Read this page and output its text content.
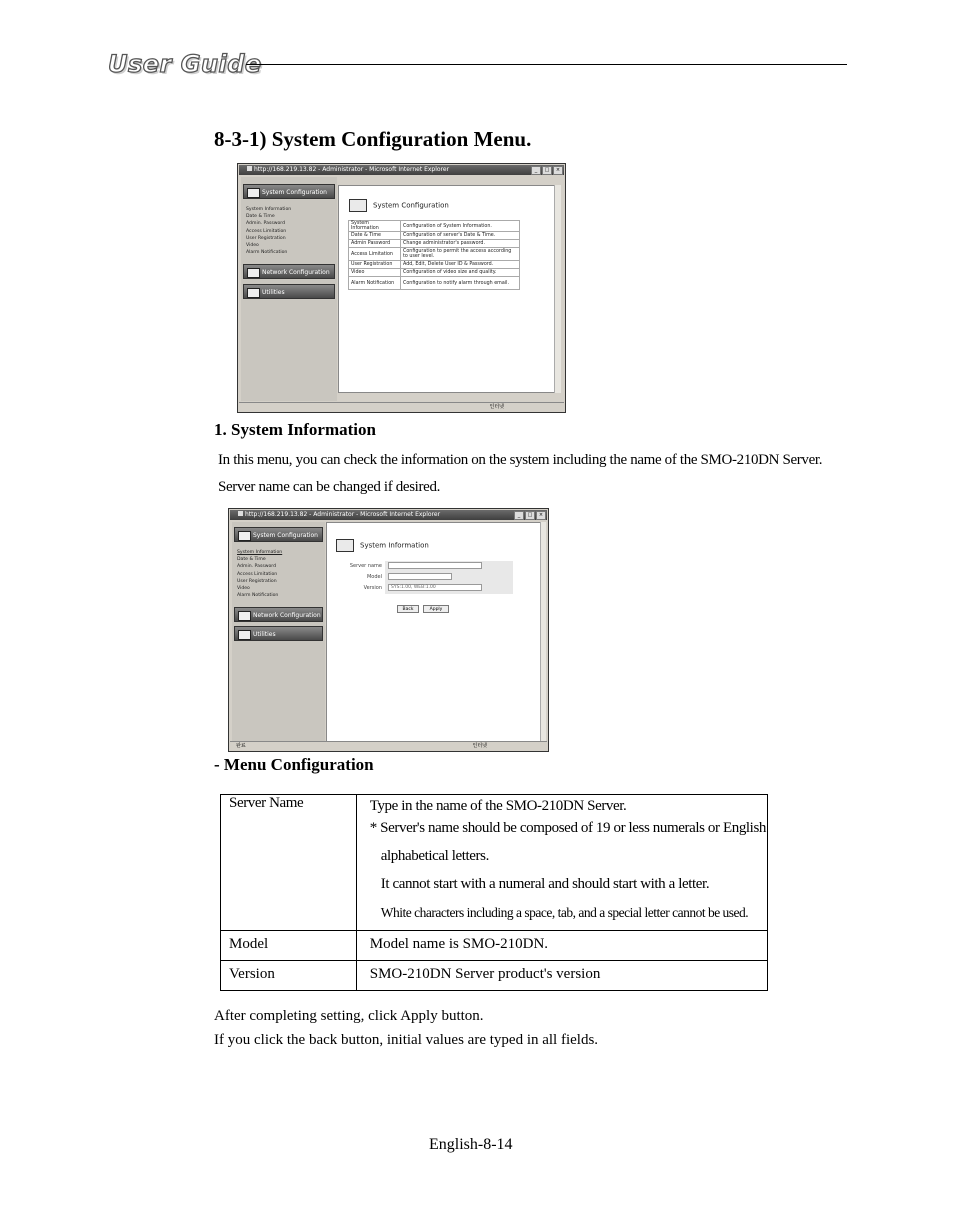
User Guide
8-3-1) System Configuration Menu.
http://168.219.13.82 - Administrator - Microsoft Internet Explorer	_	□	×
System Configuration
System Information
Date & Time
Admin. Password
Access Limitation
User Registration
Video
Alarm Notification
Network Configuration
Utilities
System Configuration
System Information	Configuration of System Information.
Date & Time	Configuration of server's Date & Time.
Admin Password	Change administrator's password.
Access Limitation	Configuration to permit the access according to user level.
User Registration	Add, Edit, Delete User ID & Password.
Video	Configuration of video size and quality.
Alarm Notification	Configuration to notify alarm through email.
인터넷
1. System Information
In this menu, you can check the information on the system including the name of the SMO-210DN Server.
Server name can be changed if desired.
http://168.219.13.82 - Administrator - Microsoft Internet Explorer	_	□	×
System Configuration
System Information
Date & Time
Admin. Password
Access Limitation
User Registration
Video
Alarm Notification
Network Configuration
Utilities
System Information
Server name
Model
Version	SYS:1.00, WEB:1.00
Back	Apply
완료	인터넷
- Menu Configuration
Server Name	Type in the name of the SMO-210DN Server.
* Server's name should be composed of 19 or less numerals or English
alphabetical letters.
It cannot start with a numeral and should start with a letter.
White characters including a space, tab, and a special letter cannot be used.

Model	Model name is SMO-210DN.
Version	SMO-210DN Server product's version
After completing setting, click Apply button.
If you click the back button, initial values are typed in all fields.
English-8-14
